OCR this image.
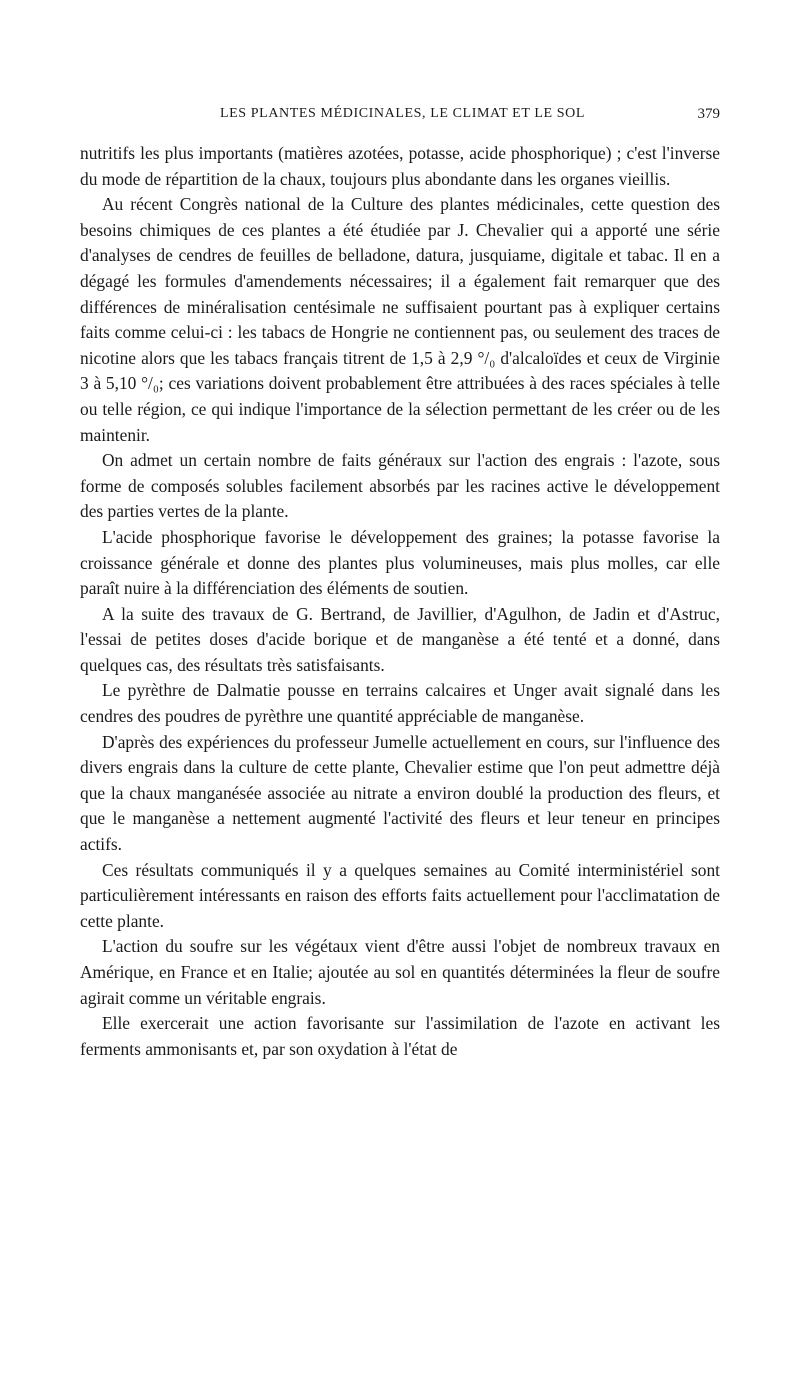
LES PLANTES MÉDICINALES, LE CLIMAT ET LE SOL	379

nutritifs les plus importants (matières azotées, potasse, acide phosphorique) ; c'est l'inverse du mode de répartition de la chaux, toujours plus abondante dans les organes vieillis.

Au récent Congrès national de la Culture des plantes médicinales, cette question des besoins chimiques de ces plantes a été étudiée par J. Chevalier qui a apporté une série d'analyses de cendres de feuilles de belladone, datura, jusquiame, digitale et tabac. Il en a dégagé les formules d'amendements nécessaires; il a également fait remarquer que des différences de minéralisation centésimale ne suffisaient pourtant pas à expliquer certains faits comme celui-ci : les tabacs de Hongrie ne contiennent pas, ou seulement des traces de nicotine alors que les tabacs français titrent de 1,5 à 2,9 °/₀ d'alcaloïdes et ceux de Virginie 3 à 5,10 °/₀; ces variations doivent probablement être attribuées à des races spéciales à telle ou telle région, ce qui indique l'importance de la sélection permettant de les créer ou de les maintenir.

On admet un certain nombre de faits généraux sur l'action des engrais : l'azote, sous forme de composés solubles facilement absorbés par les racines active le développement des parties vertes de la plante.

L'acide phosphorique favorise le développement des graines; la potasse favorise la croissance générale et donne des plantes plus volumineuses, mais plus molles, car elle paraît nuire à la différenciation des éléments de soutien.

A la suite des travaux de G. Bertrand, de Javillier, d'Agulhon, de Jadin et d'Astruc, l'essai de petites doses d'acide borique et de manganèse a été tenté et a donné, dans quelques cas, des résultats très satisfaisants.

Le pyrèthre de Dalmatie pousse en terrains calcaires et Unger avait signalé dans les cendres des poudres de pyrèthre une quantité appréciable de manganèse.

D'après des expériences du professeur Jumelle actuellement en cours, sur l'influence des divers engrais dans la culture de cette plante, Chevalier estime que l'on peut admettre déjà que la chaux manganésée associée au nitrate a environ doublé la production des fleurs, et que le manganèse a nettement augmenté l'activité des fleurs et leur teneur en principes actifs.

Ces résultats communiqués il y a quelques semaines au Comité interministériel sont particulièrement intéressants en raison des efforts faits actuellement pour l'acclimatation de cette plante.

L'action du soufre sur les végétaux vient d'être aussi l'objet de nombreux travaux en Amérique, en France et en Italie; ajoutée au sol en quantités déterminées la fleur de soufre agirait comme un véritable engrais.

Elle exercerait une action favorisante sur l'assimilation de l'azote en activant les ferments ammonisants et, par son oxydation à l'état de
